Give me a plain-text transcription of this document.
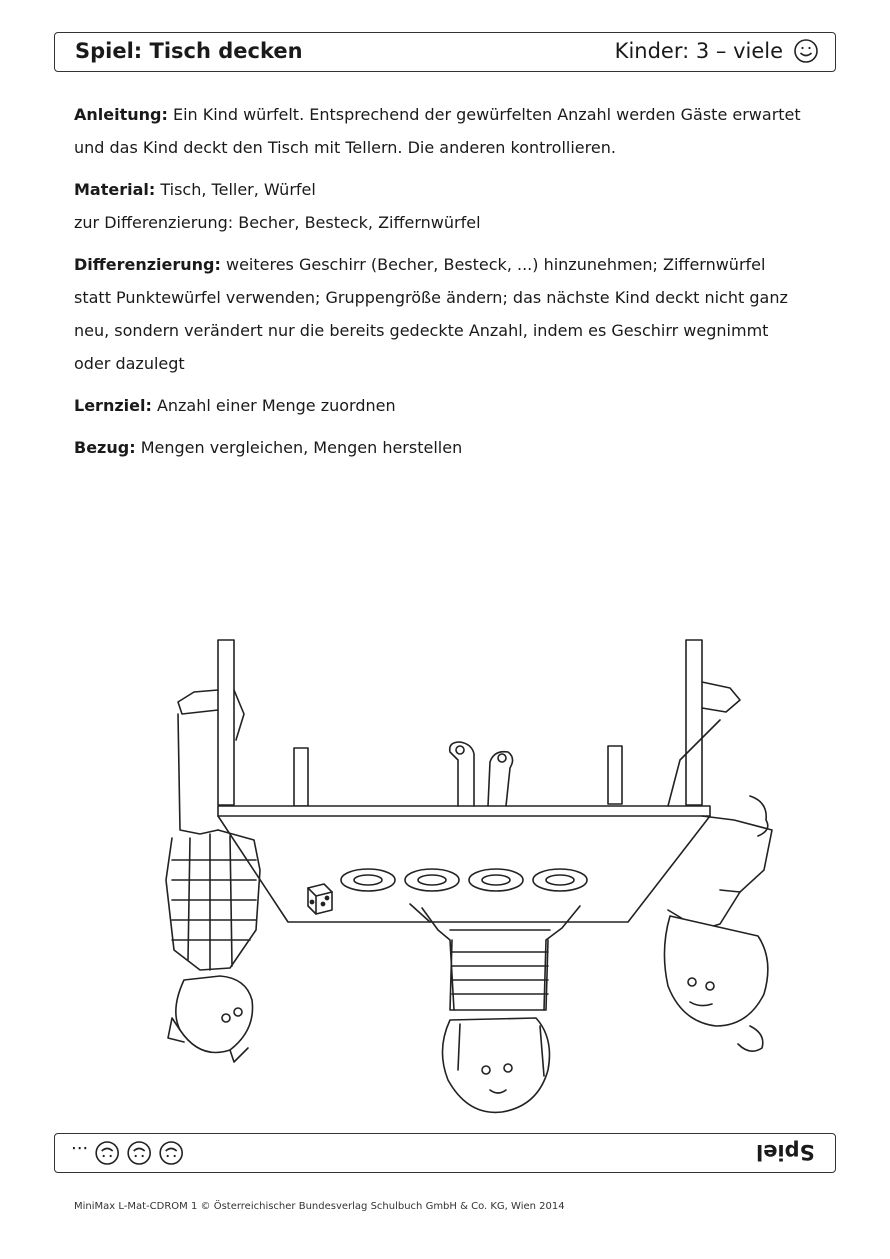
Spiel: Tisch decken	Kinder: 3 – viele

Anleitung: Ein Kind würfelt. Entsprechend der gewürfelten Anzahl werden Gäste erwartet und das Kind deckt den Tisch mit Tellern. Die anderen kontrollieren.

Material: Tisch, Teller, Würfel

zur Differenzierung: Becher, Besteck, Ziffernwürfel

Differenzierung: weiteres Geschirr (Becher, Besteck, ...) hinzunehmen; Ziffernwürfel statt Punktewürfel verwenden; Gruppengröße ändern; das nächste Kind deckt nicht ganz neu, sondern verändert nur die bereits gedeckte Anzahl, indem es Geschirr wegnimmt oder dazulegt

Lernziel: Anzahl einer Menge zuordnen

Bezug: Mengen vergleichen, Mengen herstellen

...	Spiel
MiniMax L-Mat-CDROM 1 © Österreichischer Bundesverlag Schulbuch GmbH & Co. KG, Wien 2014
